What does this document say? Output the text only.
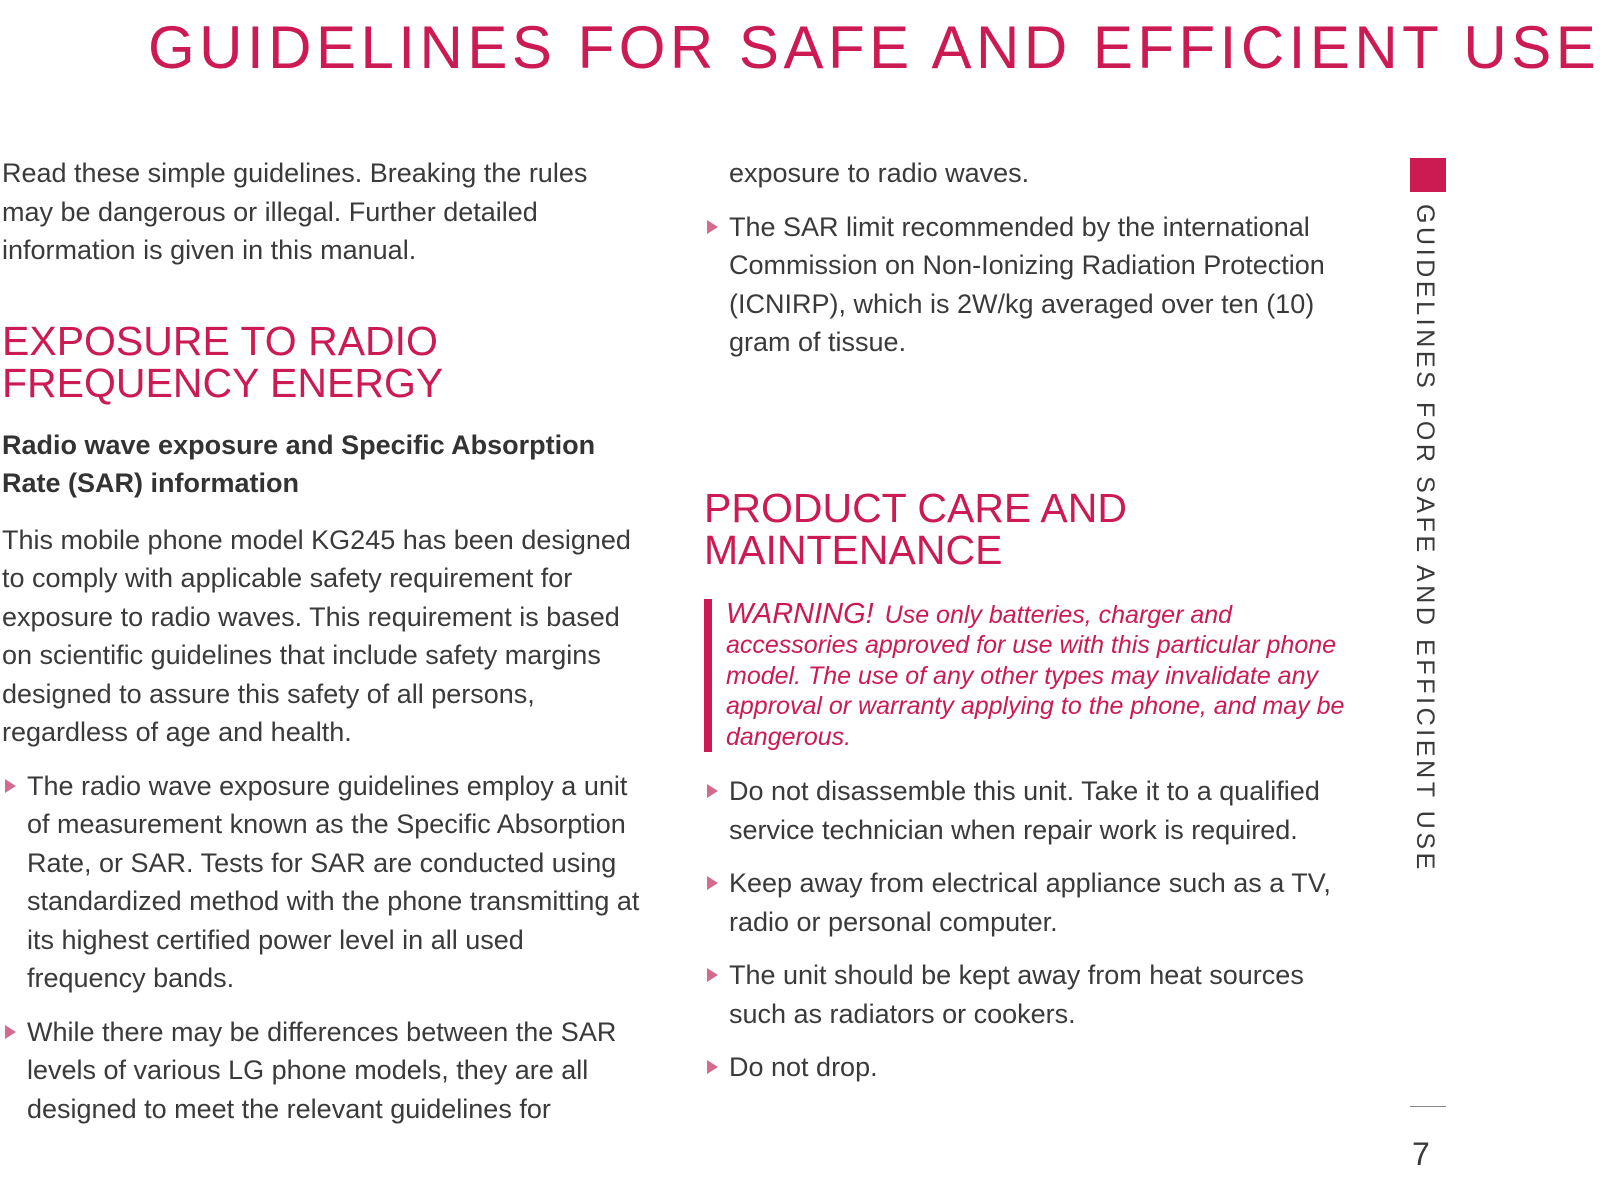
GUIDELINES FOR SAFE AND EFFICIENT USE

Read these simple guidelines. Breaking the rules may be dangerous or illegal. Further detailed information is given in this manual.

EXPOSURE TO RADIO FREQUENCY ENERGY
Radio wave exposure and Specific Absorption Rate (SAR) information

This mobile phone model KG245 has been designed to comply with applicable safety requirement for exposure to radio waves. This requirement is based on scientific guidelines that include safety margins designed to assure this safety of all persons, regardless of age and health.

The radio wave exposure guidelines employ a unit of measurement known as the Specific Absorption Rate, or SAR. Tests for SAR are conducted using standardized method with the phone transmitting at its highest certified power level in all used frequency bands.
While there may be differences between the SAR levels of various LG phone models, they are all designed to meet the relevant guidelines for

exposure to radio waves.

The SAR limit recommended by the international Commission on Non-Ionizing Radiation Protection (ICNIRP), which is 2W/kg averaged over ten (10) gram of tissue.
PRODUCT CARE AND MAINTENANCE
WARNING! Use only batteries, charger and accessories approved for use with this particular phone model. The use of any other types may invalidate any approval or warranty applying to the phone, and may be dangerous.
Do not disassemble this unit. Take it to a qualified service technician when repair work is required.
Keep away from electrical appliance such as a TV, radio or personal computer.
The unit should be kept away from heat sources such as radiators or cookers.
Do not drop.
GUIDELINES FOR SAFE AND EFFICIENT USE
7
